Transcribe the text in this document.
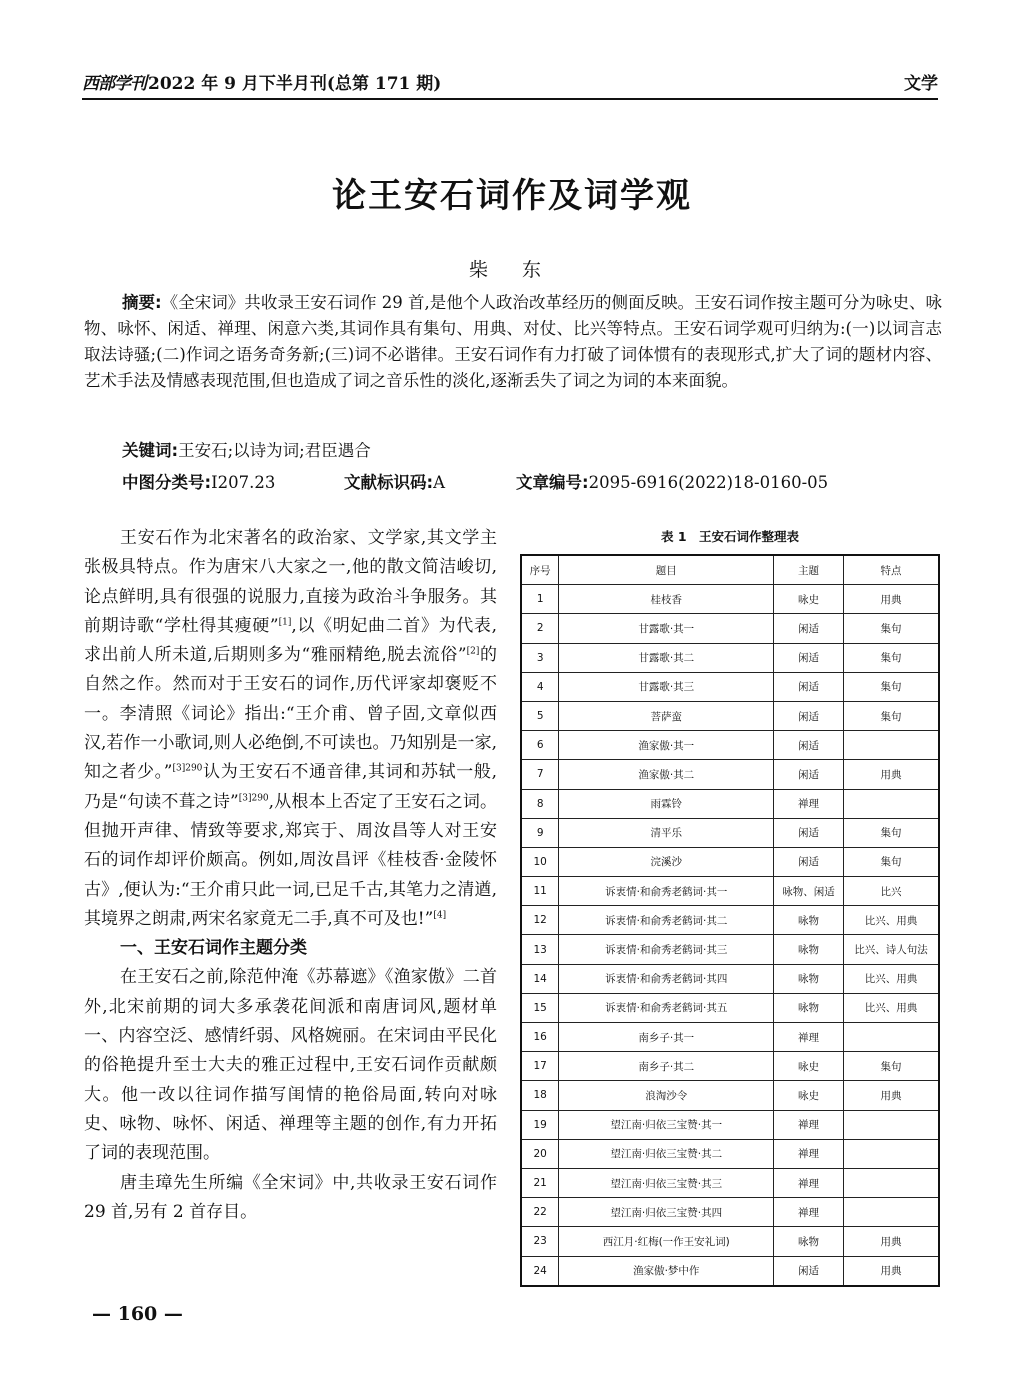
西部学刊 2022 年 9 月下半月刊(总第 171 期)	文学
论王安石词作及词学观
柴 东
摘要:《全宋词》共收录王安石词作 29 首,是他个人政治改革经历的侧面反映。王安石词作按主题可分为咏史、咏物、咏怀、闲适、禅理、闲意六类,其词作具有集句、用典、对仗、比兴等特点。王安石词学观可归纳为:(一)以词言志取法诗骚;(二)作词之语务奇务新;(三)词不必谐律。王安石词作有力打破了词体惯有的表现形式,扩大了词的题材内容、艺术手法及情感表现范围,但也造成了词之音乐性的淡化,逐渐丢失了词之为词的本来面貌。
关键词:王安石;以诗为词;君臣遇合
中图分类号:I207.23	文献标识码:A	文章编号:2095-6916(2022)18-0160-05

王安石作为北宋著名的政治家、文学家,其文学主张极具特点。作为唐宋八大家之一,他的散文简洁峻切,论点鲜明,具有很强的说服力,直接为政治斗争服务。其前期诗歌“学杜得其瘦硬”[1],以《明妃曲二首》为代表,求出前人所未道,后期则多为“雅丽精绝,脱去流俗”[2]的自然之作。然而对于王安石的词作,历代评家却褒贬不一。李清照《词论》指出:“王介甫、曾子固,文章似西汉,若作一小歌词,则人必绝倒,不可读也。乃知别是一家,知之者少。”$^{[3]290}$认为王安石不通音律,其词和苏轼一般,乃是“句读不葺之诗”$^{[3]290}$,从根本上否定了王安石之词。但抛开声律、情致等要求,郑宾于、周汝昌等人对王安石的词作却评价颇高。例如,周汝昌评《桂枝香·金陵怀古》,便认为:“王介甫只此一词,已足千古,其笔力之清遒,其境界之朗肃,两宋名家竟无二手,真不可及也!”[4]

一、王安石词作主题分类

在王安石之前,除范仲淹《苏幕遮》《渔家傲》二首外,北宋前期的词大多承袭花间派和南唐词风,题材单一、内容空泛、感情纤弱、风格婉丽。在宋词由平民化的俗艳提升至士大夫的雅正过程中,王安石词作贡献颇大。他一改以往词作描写闺情的艳俗局面,转向对咏史、咏物、咏怀、闲适、禅理等主题的创作,有力开拓了词的表现范围。

唐圭璋先生所编《全宋词》中,共收录王安石词作 29 首,另有 2 首存目。

表 1　王安石词作整理表
序号	题目	主题	特点
1	桂枝香	咏史	用典
2	甘露歌·其一	闲适	集句
3	甘露歌·其二	闲适	集句
4	甘露歌·其三	闲适	集句
5	菩萨蛮	闲适	集句
6	渔家傲·其一	闲适	
7	渔家傲·其二	闲适	用典
8	雨霖铃	禅理	
9	清平乐	闲适	集句
10	浣溪沙	闲适	集句
11	诉衷情·和俞秀老鹤词·其一	咏物、闲适	比兴
12	诉衷情·和俞秀老鹤词·其二	咏物	比兴、用典
13	诉衷情·和俞秀老鹤词·其三	咏物	比兴、诗人句法
14	诉衷情·和俞秀老鹤词·其四	咏物	比兴、用典
15	诉衷情·和俞秀老鹤词·其五	咏物	比兴、用典
16	南乡子·其一	禅理	
17	南乡子·其二	咏史	集句
18	浪淘沙令	咏史	用典
19	望江南·归依三宝赞·其一	禅理	
20	望江南·归依三宝赞·其二	禅理	
21	望江南·归依三宝赞·其三	禅理	
22	望江南·归依三宝赞·其四	禅理	
23	西江月·红梅(一作王安礼词)	咏物	用典
24	渔家傲·梦中作	闲适	用典
— 160 —
